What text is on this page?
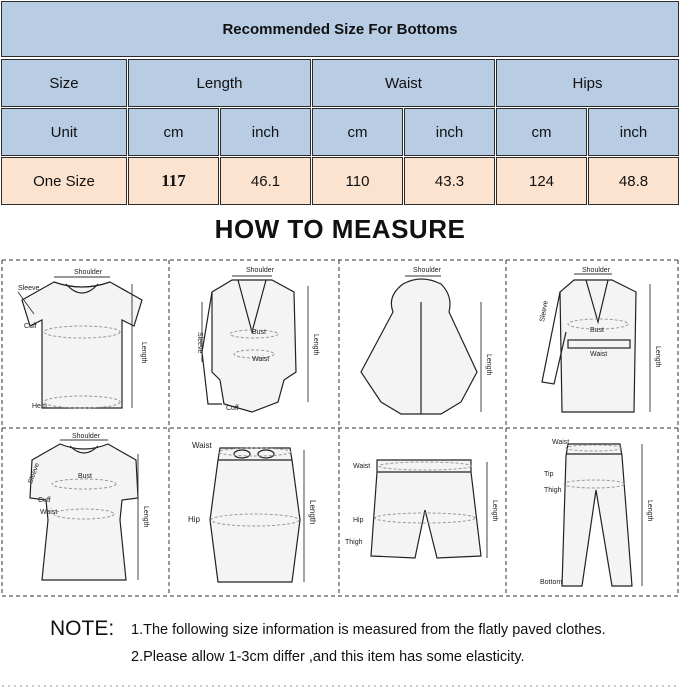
Recommended Size For Bottoms
Size	Length	Waist	Hips
Unit	cm	inch	cm	inch	cm	inch
One Size	117	46.1	110	43.3	124	48.8
HOW TO MEASURE
Shoulder
Sleeve
Cuff
Length
Hem
Shoulder
Sleeve	Bust
Waist
Length
Cuff
Shoulder
Length
Shoulder
Sleeve
Bust
Waist	Length
Shoulder
Sleeve	Bust
Cuff
Waist	Length
Waist
Hip	Length
Waist
Hip
Thigh
Length
Waist
Tip
Thigh
Length
Bottom
NOTE: 1.The following size information is measured from the flatly paved clothes.
2.Please allow 1-3cm differ ,and this item has some elasticity.
